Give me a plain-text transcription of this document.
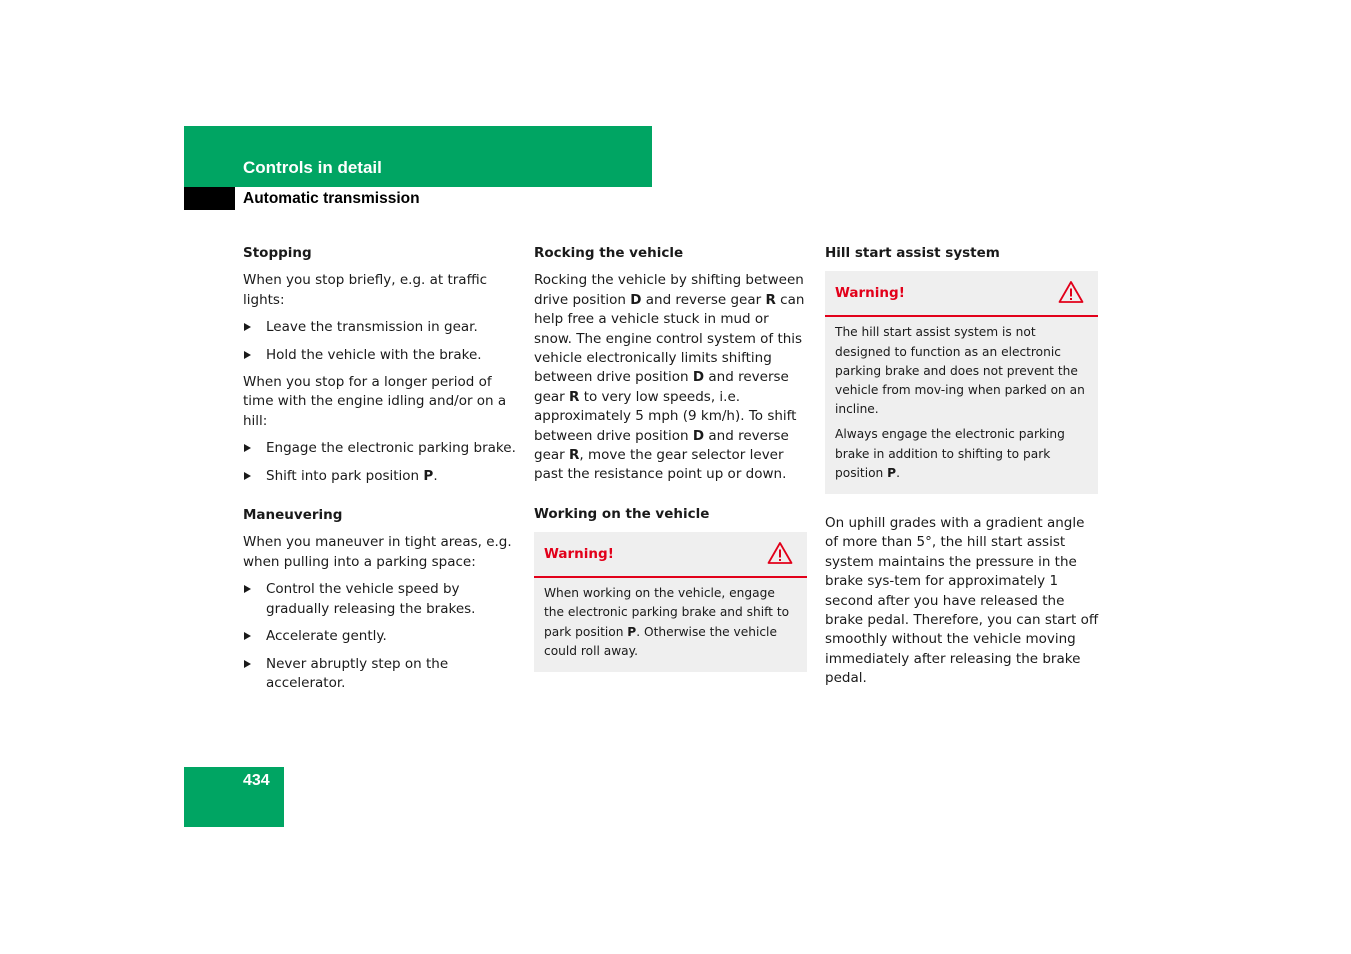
Controls in detail
Automatic transmission
Stopping

When you stop briefly, e.g. at traffic lights:

Leave the transmission in gear.
Hold the vehicle with the brake.

When you stop for a longer period of time with the engine idling and/or on a hill:

Engage the electronic parking brake.
Shift into park position P.
Maneuvering

When you maneuver in tight areas, e.g. when pulling into a parking space:

Control the vehicle speed by gradually releasing the brakes.
Accelerate gently.
Never abruptly step on the accelerator.
Rocking the vehicle

Rocking the vehicle by shifting between drive position D and reverse gear R can help free a vehicle stuck in mud or snow. The engine control system of this vehicle electronically limits shifting between drive position D and reverse gear R to very low speeds, i.e. approximately 5 mph (9 km/h). To shift between drive position D and reverse gear R, move the gear selector lever past the resistance point up or down.

Working on the vehicle
Warning!

When working on the vehicle, engage the electronic parking brake and shift to park position P. Otherwise the vehicle could roll away.

Hill start assist system
Warning!

The hill start assist system is not designed to function as an electronic parking brake and does not prevent the vehicle from mov-ing when parked on an incline.

Always engage the electronic parking brake in addition to shifting to park position P.

On uphill grades with a gradient angle of more than 5°, the hill start assist system maintains the pressure in the brake sys-tem for approximately 1 second after you have released the brake pedal. Therefore, you can start off smoothly without the vehicle moving immediately after releasing the brake pedal.

434
